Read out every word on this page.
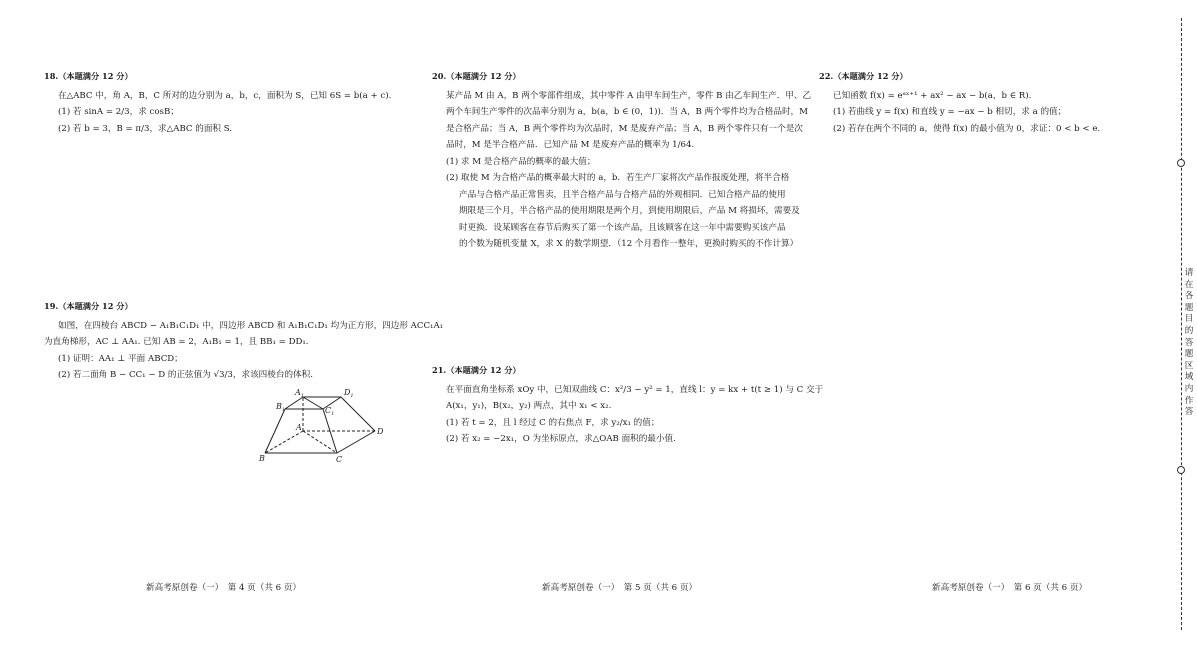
18.（本题满分 12 分）

在△ABC 中，角 A，B，C 所对的边分别为 a，b，c，面积为 S，已知 6S = b(a + c).

(1) 若 sinA = 2/3，求 cosB；

(2) 若 b = 3，B = π/3，求△ABC 的面积 S.

19.（本题满分 12 分）

如图，在四棱台 ABCD − A₁B₁C₁D₁ 中，四边形 ABCD 和 A₁B₁C₁D₁ 均为正方形，四边形 ACC₁A₁

为直角梯形，AC ⊥ AA₁. 已知 AB = 2，A₁B₁ = 1，且 BB₁ = DD₁.

(1) 证明：AA₁ ⊥ 平面 ABCD；

(2) 若二面角 B − CC₁ − D 的正弦值为 √3/3，求该四棱台的体积.

$A_1$	$D_1$
$B_1$	$C_1$
A
B	C
D
新高考原创卷（一）　第 4 页（共 6 页）

20.（本题满分 12 分）

某产品 M 由 A，B 两个零部件组成，其中零件 A 由甲车间生产，零件 B 由乙车间生产．甲、乙

两个车间生产零件的次品率分别为 a，b(a，b ∈ (0，1))．当 A，B 两个零件均为合格品时，M

是合格产品；当 A，B 两个零件均为次品时，M 是废弃产品；当 A，B 两个零件只有一个是次

品时，M 是半合格产品．已知产品 M 是废弃产品的概率为 1/64.

(1) 求 M 是合格产品的概率的最大值；

(2) 取使 M 为合格产品的概率最大时的 a，b．若生产厂家将次产品作报废处理，将半合格

产品与合格产品正常售卖，且半合格产品与合格产品的外观相同．已知合格产品的使用

期限是三个月，半合格产品的使用期限是两个月，到使用期限后，产品 M 将损坏，需要及

时更换．设某顾客在春节后购买了第一个该产品，且该顾客在这一年中需要购买该产品

的个数为随机变量 X，求 X 的数学期望．（12 个月看作一整年，更换时购买的不作计算）

21.（本题满分 12 分）

在平面直角坐标系 xOy 中，已知双曲线 C：x²/3 − y² = 1，直线 l：y = kx + t(t ≥ 1) 与 C 交于

A(x₁，y₁)，B(x₂，y₂) 两点，其中 x₁ < x₂.

(1) 若 t = 2，且 l 经过 C 的右焦点 F，求 y₂/x₁ 的值；

(2) 若 x₂ = −2x₁，O 为坐标原点，求△OAB 面积的最小值.

新高考原创卷（一）　第 5 页（共 6 页）

22.（本题满分 12 分）

已知函数 f(x) = eᵃˣ⁺¹ + ax² − ax − b(a，b ∈ R).

(1) 若曲线 y = f(x) 和直线 y = −ax − b 相切，求 a 的值；

(2) 若存在两个不同的 a，使得 f(x) 的最小值为 0，求证：0 < b < e.

新高考原创卷（一）　第 6 页（共 6 页）
请
在
各
题
目
的
答
题
区
域
内
作
答
